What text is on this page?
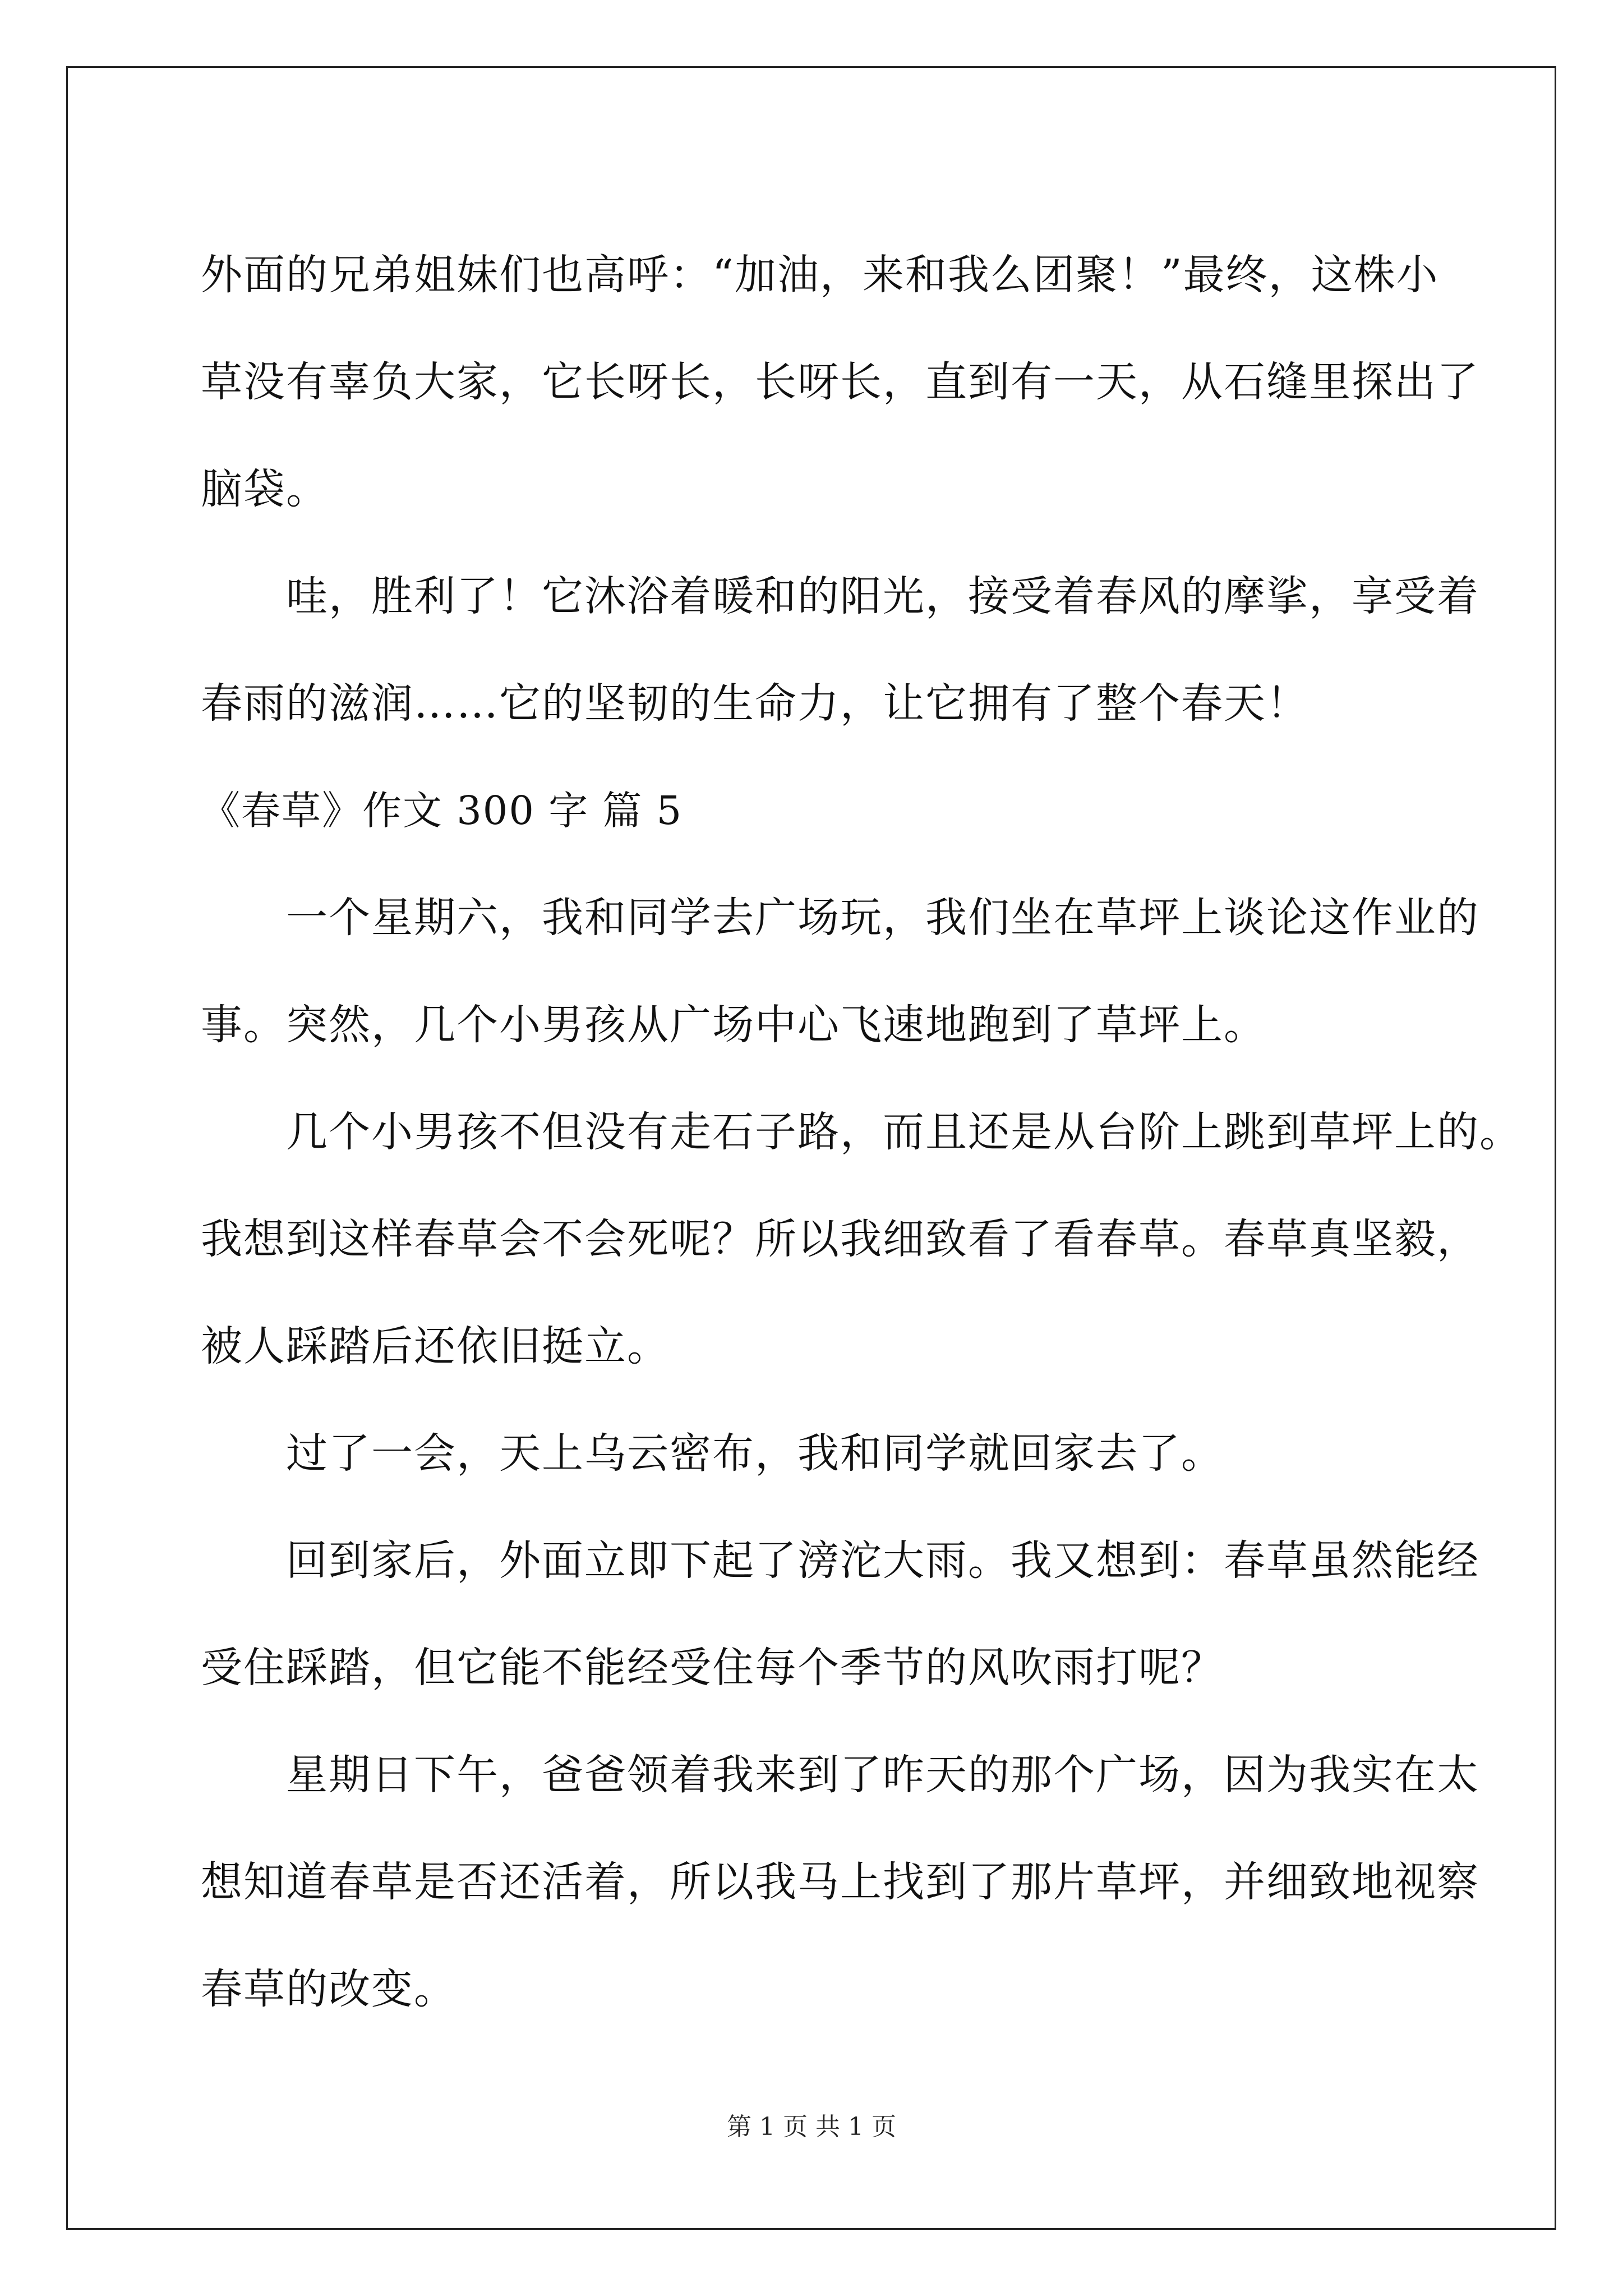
外面的兄弟姐妹们也高呼：“加油，来和我么团聚！”最终，这株小

草没有辜负大家，它长呀长，长呀长，直到有一天，从石缝里探出了

脑袋。

哇，胜利了！它沐浴着暖和的阳光，接受着春风的摩挲，享受着

春雨的滋润……它的坚韧的生命力，让它拥有了整个春天！

《春草》作文 300 字 篇 5

一个星期六，我和同学去广场玩，我们坐在草坪上谈论这作业的

事。突然，几个小男孩从广场中心飞速地跑到了草坪上。

几个小男孩不但没有走石子路，而且还是从台阶上跳到草坪上的。

我想到这样春草会不会死呢？所以我细致看了看春草。春草真坚毅，

被人踩踏后还依旧挺立。

过了一会，天上乌云密布，我和同学就回家去了。

回到家后，外面立即下起了滂沱大雨。我又想到：春草虽然能经

受住踩踏，但它能不能经受住每个季节的风吹雨打呢？

星期日下午，爸爸领着我来到了昨天的那个广场，因为我实在太

想知道春草是否还活着，所以我马上找到了那片草坪，并细致地视察

春草的改变。

第 1 页 共 1 页
